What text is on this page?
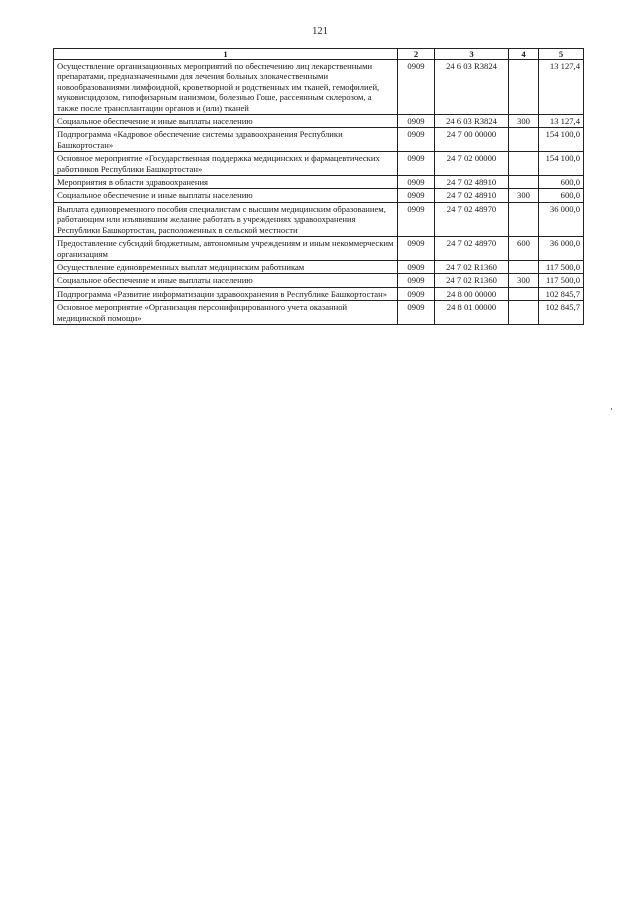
121
1	2	3	4	5
Осуществление организационных мероприятий по обеспечению лиц лекарственными препаратами, предназначенными для лечения больных злокачественными новообразованиями лимфоидной, кроветворной и родственных им тканей, гемофилией, муковисцидозом, гипофизарным нанизмом, болезнью Гоше, рассеянным склерозом, а также после трансплантации органов и (или) тканей	0909	24 6 03 R3824		13 127,4
Социальное обеспечение и иные выплаты населению	0909	24 6 03 R3824	300	13 127,4
Подпрограмма «Кадровое обеспечение системы здравоохранения Республики Башкортостан»	0909	24 7 00 00000		154 100,0
Основное мероприятие «Государственная поддержка медицинских и фармацевтических работников Республики Башкортостан»	0909	24 7 02 00000		154 100,0
Мероприятия в области здравоохранения	0909	24 7 02 48910		600,0
Социальное обеспечение и иные выплаты населению	0909	24 7 02 48910	300	600,0
Выплата единовременного пособия специалистам с высшим медицинским образованием, работающим или изъявившим желание работать в учреждениях здравоохранения Республики Башкортостан, расположенных в сельской местности	0909	24 7 02 48970		36 000,0
Предоставление субсидий бюджетным, автономным учреждениям и иным некоммерческим организациям	0909	24 7 02 48970	600	36 000,0
Осуществление единовременных выплат медицинским работникам	0909	24 7 02 R1360		117 500,0
Социальное обеспечение и иные выплаты населению	0909	24 7 02 R1360	300	117 500,0
Подпрограмма «Развитие информатизации здравоохранения в Республике Башкортостан»	0909	24 8 00 00000		102 845,7
Основное мероприятие «Организация персонифицированного учета оказанной медицинской помощи»	0909	24 8 01 00000		102 845,7
